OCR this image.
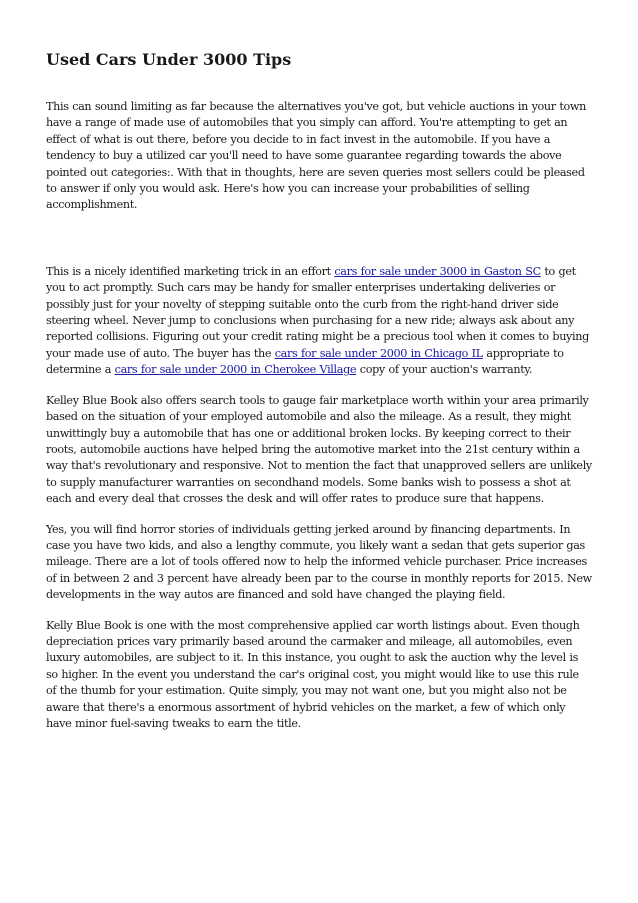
Used Cars Under 3000 Tips

This can sound limiting as far because the alternatives you've got, but vehicle auctions in your town have a range of made use of automobiles that you simply can afford. You're attempting to get an effect of what is out there, before you decide to in fact invest in the automobile. If you have a tendency to buy a utilized car you'll need to have some guarantee regarding towards the above pointed out categories:. With that in thoughts, here are seven queries most sellers could be pleased to answer if only you would ask. Here's how you can increase your probabilities of selling accomplishment.

This is a nicely identified marketing trick in an effort cars for sale under 3000 in Gaston SC to get you to act promptly. Such cars may be handy for smaller enterprises undertaking deliveries or possibly just for your novelty of stepping suitable onto the curb from the right-hand driver side steering wheel. Never jump to conclusions when purchasing for a new ride; always ask about any reported collisions. Figuring out your credit rating might be a precious tool when it comes to buying your made use of auto. The buyer has the cars for sale under 2000 in Chicago IL appropriate to determine a cars for sale under 2000 in Cherokee Village copy of your auction's warranty.

Kelley Blue Book also offers search tools to gauge fair marketplace worth within your area primarily based on the situation of your employed automobile and also the mileage. As a result, they might unwittingly buy a automobile that has one or additional broken locks. By keeping correct to their roots, automobile auctions have helped bring the automotive market into the 21st century within a way that's revolutionary and responsive. Not to mention the fact that unapproved sellers are unlikely to supply manufacturer warranties on secondhand models. Some banks wish to possess a shot at each and every deal that crosses the desk and will offer rates to produce sure that happens.

Yes, you will find horror stories of individuals getting jerked around by financing departments. In case you have two kids, and also a lengthy commute, you likely want a sedan that gets superior gas mileage. There are a lot of tools offered now to help the informed vehicle purchaser. Price increases of in between 2 and 3 percent have already been par to the course in monthly reports for 2015. New developments in the way autos are financed and sold have changed the playing field.

Kelly Blue Book is one with the most comprehensive applied car worth listings about. Even though depreciation prices vary primarily based around the carmaker and mileage, all automobiles, even luxury automobiles, are subject to it. In this instance, you ought to ask the auction why the level is so higher. In the event you understand the car's original cost, you might would like to use this rule of the thumb for your estimation. Quite simply, you may not want one, but you might also not be aware that there's a enormous assortment of hybrid vehicles on the market, a few of which only have minor fuel-saving tweaks to earn the title.
